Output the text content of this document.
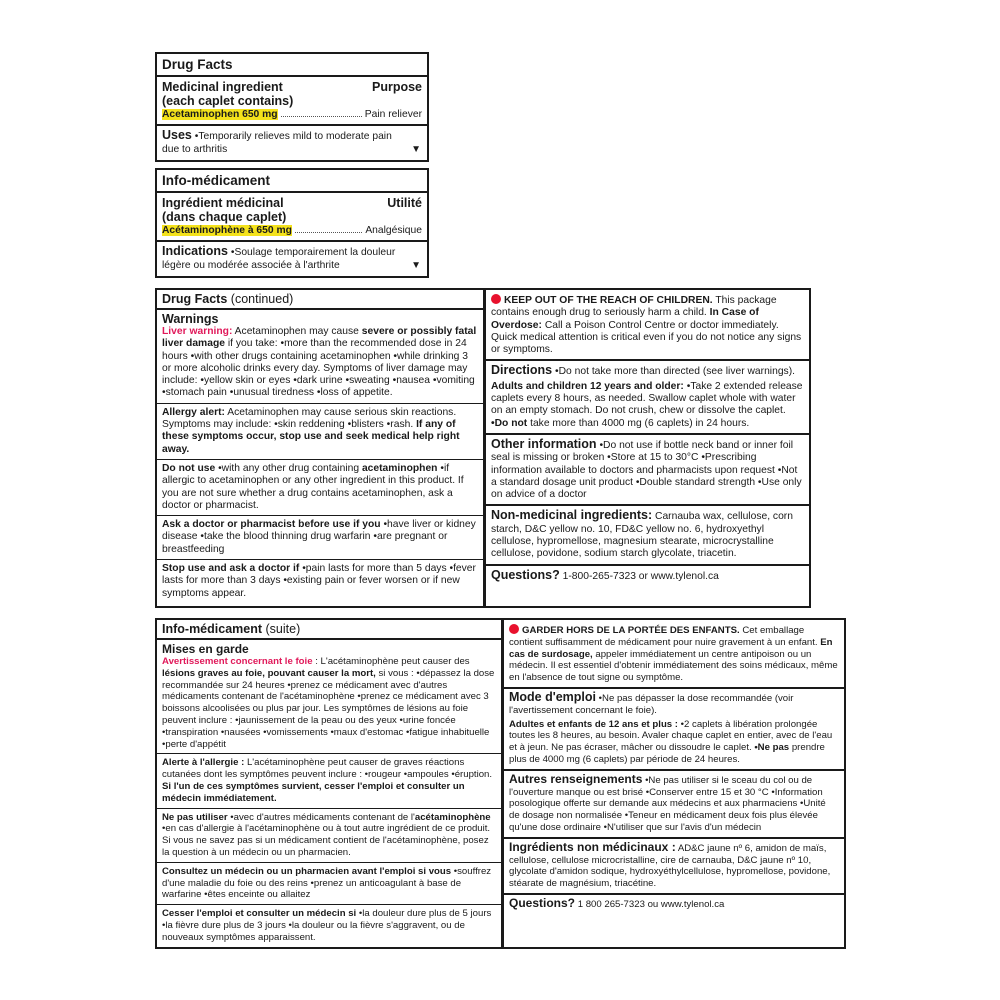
Drug Facts
Medicinal ingredient	Purpose
(each caplet contains)
Acetaminophen 650 mg	Pain reliever
Uses •Temporarily relieves mild to moderate pain due to arthritis	▼
Info-médicament
Ingrédient médicinal	Utilité
(dans chaque caplet)
Acétaminophène à 650 mg	Analgésique
Indications •Soulage temporairement la douleur légère ou modérée associée à l'arthrite	▼
Drug Facts (continued)
Warnings
Liver warning: Acetaminophen may cause severe or possibly fatal liver damage if you take: •more than the recommended dose in 24 hours •with other drugs containing acetaminophen •while drinking 3 or more alcoholic drinks every day. Symptoms of liver damage may include: •yellow skin or eyes •dark urine •sweating •nausea •vomiting •stomach pain •unusual tiredness •loss of appetite.
Allergy alert: Acetaminophen may cause serious skin reactions. Symptoms may include: •skin reddening •blisters •rash. If any of these symptoms occur, stop use and seek medical help right away.
Do not use •with any other drug containing acetaminophen •if allergic to acetaminophen or any other ingredient in this product. If you are not sure whether a drug contains acetaminophen, ask a doctor or pharmacist.
Ask a doctor or pharmacist before use if you •have liver or kidney disease •take the blood thinning drug warfarin •are pregnant or breastfeeding
Stop use and ask a doctor if •pain lasts for more than 5 days •fever lasts for more than 3 days •existing pain or fever worsen or if new symptoms appear.
KEEP OUT OF THE REACH OF CHILDREN. This package contains enough drug to seriously harm a child. In Case of Overdose: Call a Poison Control Centre or doctor immediately. Quick medical attention is critical even if you do not notice any signs or symptoms.
Directions •Do not take more than directed (see liver warnings).
Adults and children 12 years and older: •Take 2 extended release caplets every 8 hours, as needed. Swallow caplet whole with water on an empty stomach. Do not crush, chew or dissolve the caplet. •Do not take more than 4000 mg (6 caplets) in 24 hours.
Other information •Do not use if bottle neck band or inner foil seal is missing or broken •Store at 15 to 30°C •Prescribing information available to doctors and pharmacists upon request •Not a standard dosage unit product •Double standard strength •Use only on advice of a doctor
Non-medicinal ingredients: Carnauba wax, cellulose, corn starch, D&C yellow no. 10, FD&C yellow no. 6, hydroxyethyl cellulose, hypromellose, magnesium stearate, microcrystalline cellulose, povidone, sodium starch glycolate, triacetin.
Questions? 1-800-265-7323 or www.tylenol.ca
Info-médicament (suite)
Mises en garde
Avertissement concernant le foie : L'acétaminophène peut causer des lésions graves au foie, pouvant causer la mort, si vous : •dépassez la dose recommandée sur 24 heures •prenez ce médicament avec d'autres médicaments contenant de l'acétaminophène •prenez ce médicament avec 3 boissons alcoolisées ou plus par jour. Les symptômes de lésions au foie peuvent inclure : •jaunissement de la peau ou des yeux •urine foncée •transpiration •nausées •vomissements •maux d'estomac •fatigue inhabituelle •perte d'appétit
Alerte à l'allergie : L'acétaminophène peut causer de graves réactions cutanées dont les symptômes peuvent inclure : •rougeur •ampoules •éruption. Si l'un de ces symptômes survient, cesser l'emploi et consulter un médecin immédiatement.
Ne pas utiliser •avec d'autres médicaments contenant de l'acétaminophène •en cas d'allergie à l'acétaminophène ou à tout autre ingrédient de ce produit. Si vous ne savez pas si un médicament contient de l'acétaminophène, posez la question à un médecin ou un pharmacien.
Consultez un médecin ou un pharmacien avant l'emploi si vous •souffrez d'une maladie du foie ou des reins •prenez un anticoagulant à base de warfarine •êtes enceinte ou allaitez
Cesser l'emploi et consulter un médecin si •la douleur dure plus de 5 jours •la fièvre dure plus de 3 jours •la douleur ou la fièvre s'aggravent, ou de nouveaux symptômes apparaissent.
GARDER HORS DE LA PORTÉE DES ENFANTS. Cet emballage contient suffisamment de médicament pour nuire gravement à un enfant. En cas de surdosage, appeler immédiatement un centre antipoison ou un médecin. Il est essentiel d'obtenir immédiatement des soins médicaux, même en l'absence de tout signe ou symptôme.
Mode d'emploi •Ne pas dépasser la dose recommandée (voir l'avertissement concernant le foie).
Adultes et enfants de 12 ans et plus : •2 caplets à libération prolongée toutes les 8 heures, au besoin. Avaler chaque caplet en entier, avec de l'eau et à jeun. Ne pas écraser, mâcher ou dissoudre le caplet. •Ne pas prendre plus de 4000 mg (6 caplets) par période de 24 heures.
Autres renseignements •Ne pas utiliser si le sceau du col ou de l'ouverture manque ou est brisé •Conserver entre 15 et 30 °C •Information posologique offerte sur demande aux médecins et aux pharmaciens •Unité de dosage non normalisée •Teneur en médicament deux fois plus élevée qu'une dose ordinaire •N'utiliser que sur l'avis d'un médecin
Ingrédients non médicinaux : AD&C jaune nº 6, amidon de maïs, cellulose, cellulose microcristalline, cire de carnauba, D&C jaune nº 10, glycolate d'amidon sodique, hydroxyéthylcellulose, hypromellose, povidone, stéarate de magnésium, triacétine.
Questions? 1 800 265-7323 ou www.tylenol.ca
